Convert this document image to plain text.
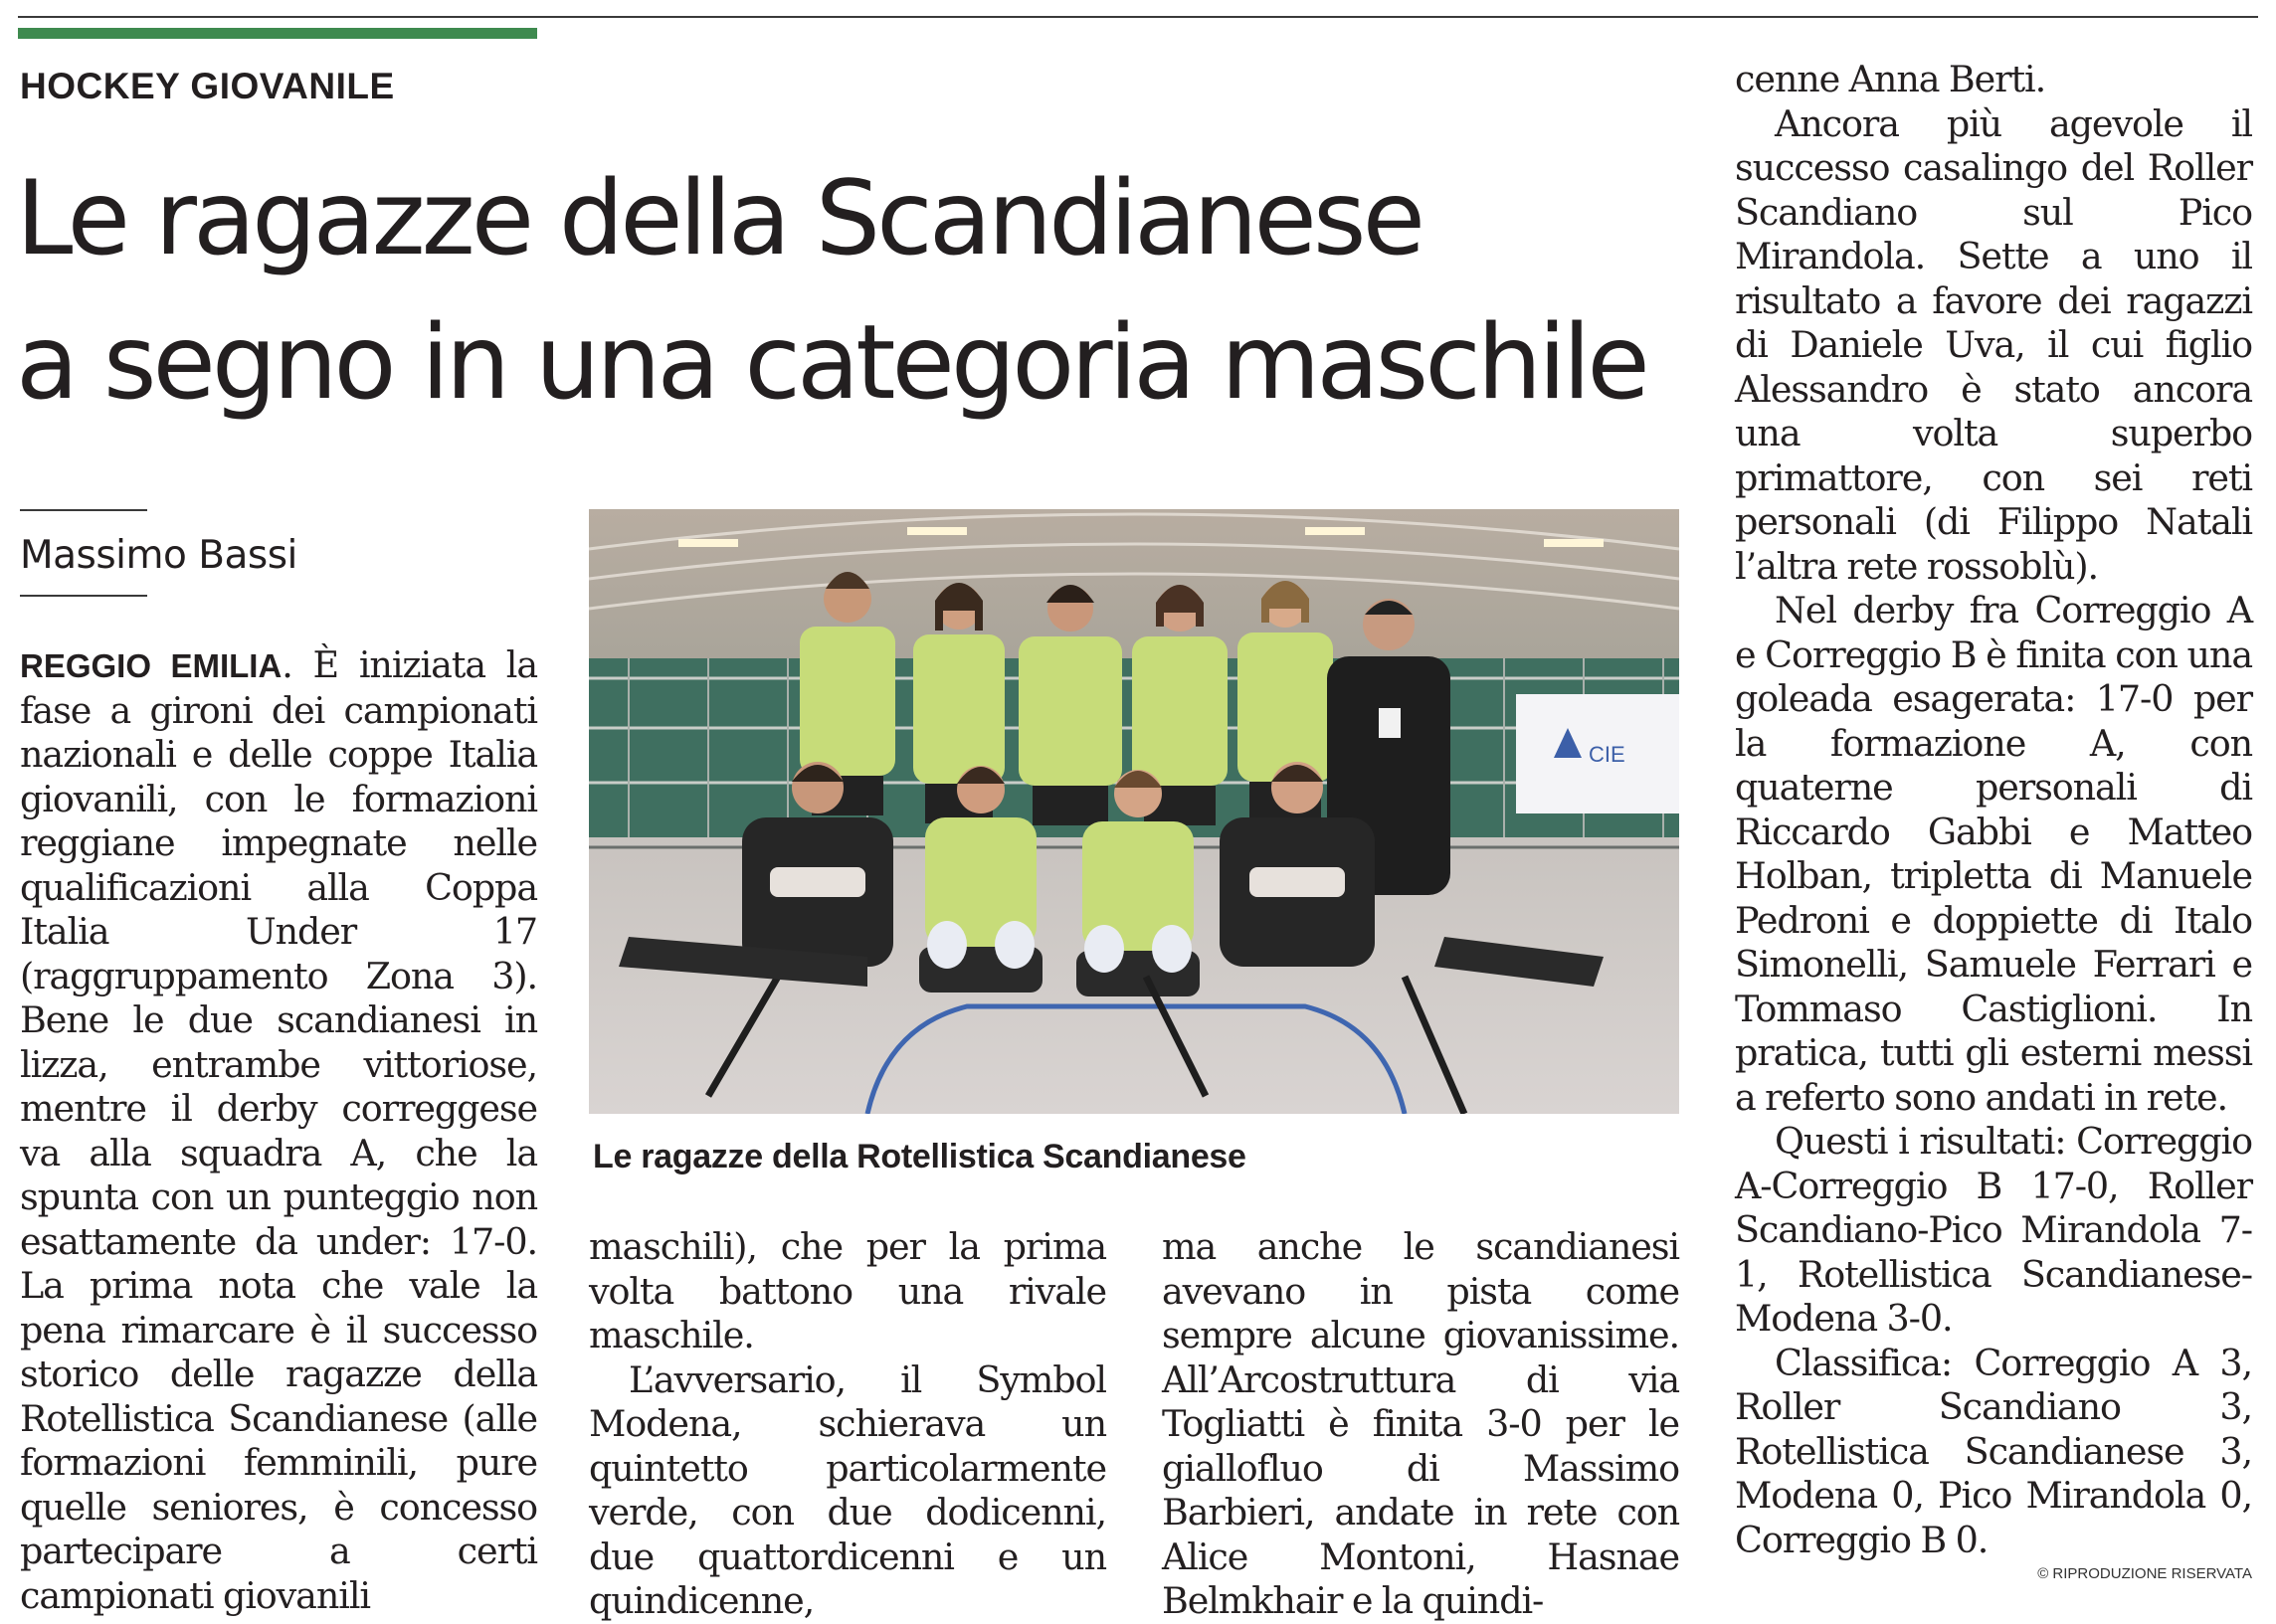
HOCKEY GIOVANILE
Le ragazze della Scandianese
a segno in una categoria maschile
Massimo Bassi

REGGIO EMILIA. È iniziata la fase a gironi dei campionati nazionali e delle coppe Italia giovanili, con le formazioni reggiane impegnate nelle qualificazioni alla Coppa Italia Under 17 (raggruppamento Zona 3). Bene le due scandianesi in lizza, entrambe vittoriose, mentre il derby correggese va alla squadra A, che la spunta con un punteggio non esattamente da under: 17-0. La prima nota che vale la pena rimarcare è il successo storico delle ragazze della Rotellistica Scandianese (alle formazioni femminili, pure quelle seniores, è concesso partecipare a certi campionati giovanili

CIE
Le ragazze della Rotellistica Scandianese

maschili), che per la prima volta battono una rivale maschile.

L’avversario, il Symbol Modena, schierava un quintetto particolarmente verde, con due dodicenni, due quattordicenni e un quindicenne,

ma anche le scandianesi avevano in pista come sempre alcune giovanissime. All’Arcostruttura di via Togliatti è finita 3-0 per le giallofluo di Massimo Barbieri, andate in rete con Alice Montoni, Hasnae Belmkhair e la quindi-

cenne Anna Berti.

Ancora più agevole il successo casalingo del Roller Scandiano sul Pico Mirandola. Sette a uno il risultato a favore dei ragazzi di Daniele Uva, il cui figlio Alessandro è stato ancora una volta superbo primattore, con sei reti personali (di Filippo Natali l’altra rete rossoblù).

Nel derby fra Correggio A e Correggio B è finita con una goleada esagerata: 17-0 per la formazione A, con quaterne personali di Riccardo Gabbi e Matteo Holban, tripletta di Manuele Pedroni e doppiette di Italo Simonelli, Samuele Ferrari e Tommaso Castiglioni. In pratica, tutti gli esterni messi a referto sono andati in rete.

Questi i risultati: Correggio A-Correggio B 17-0, Roller Scandiano-Pico Mirandola 7-1, Rotellistica Scandianese-Modena 3-0.

Classifica: Correggio A 3, Roller Scandiano 3, Rotellistica Scandianese 3, Modena 0, Pico Mirandola 0, Correggio B 0.

© RIPRODUZIONE RISERVATA
